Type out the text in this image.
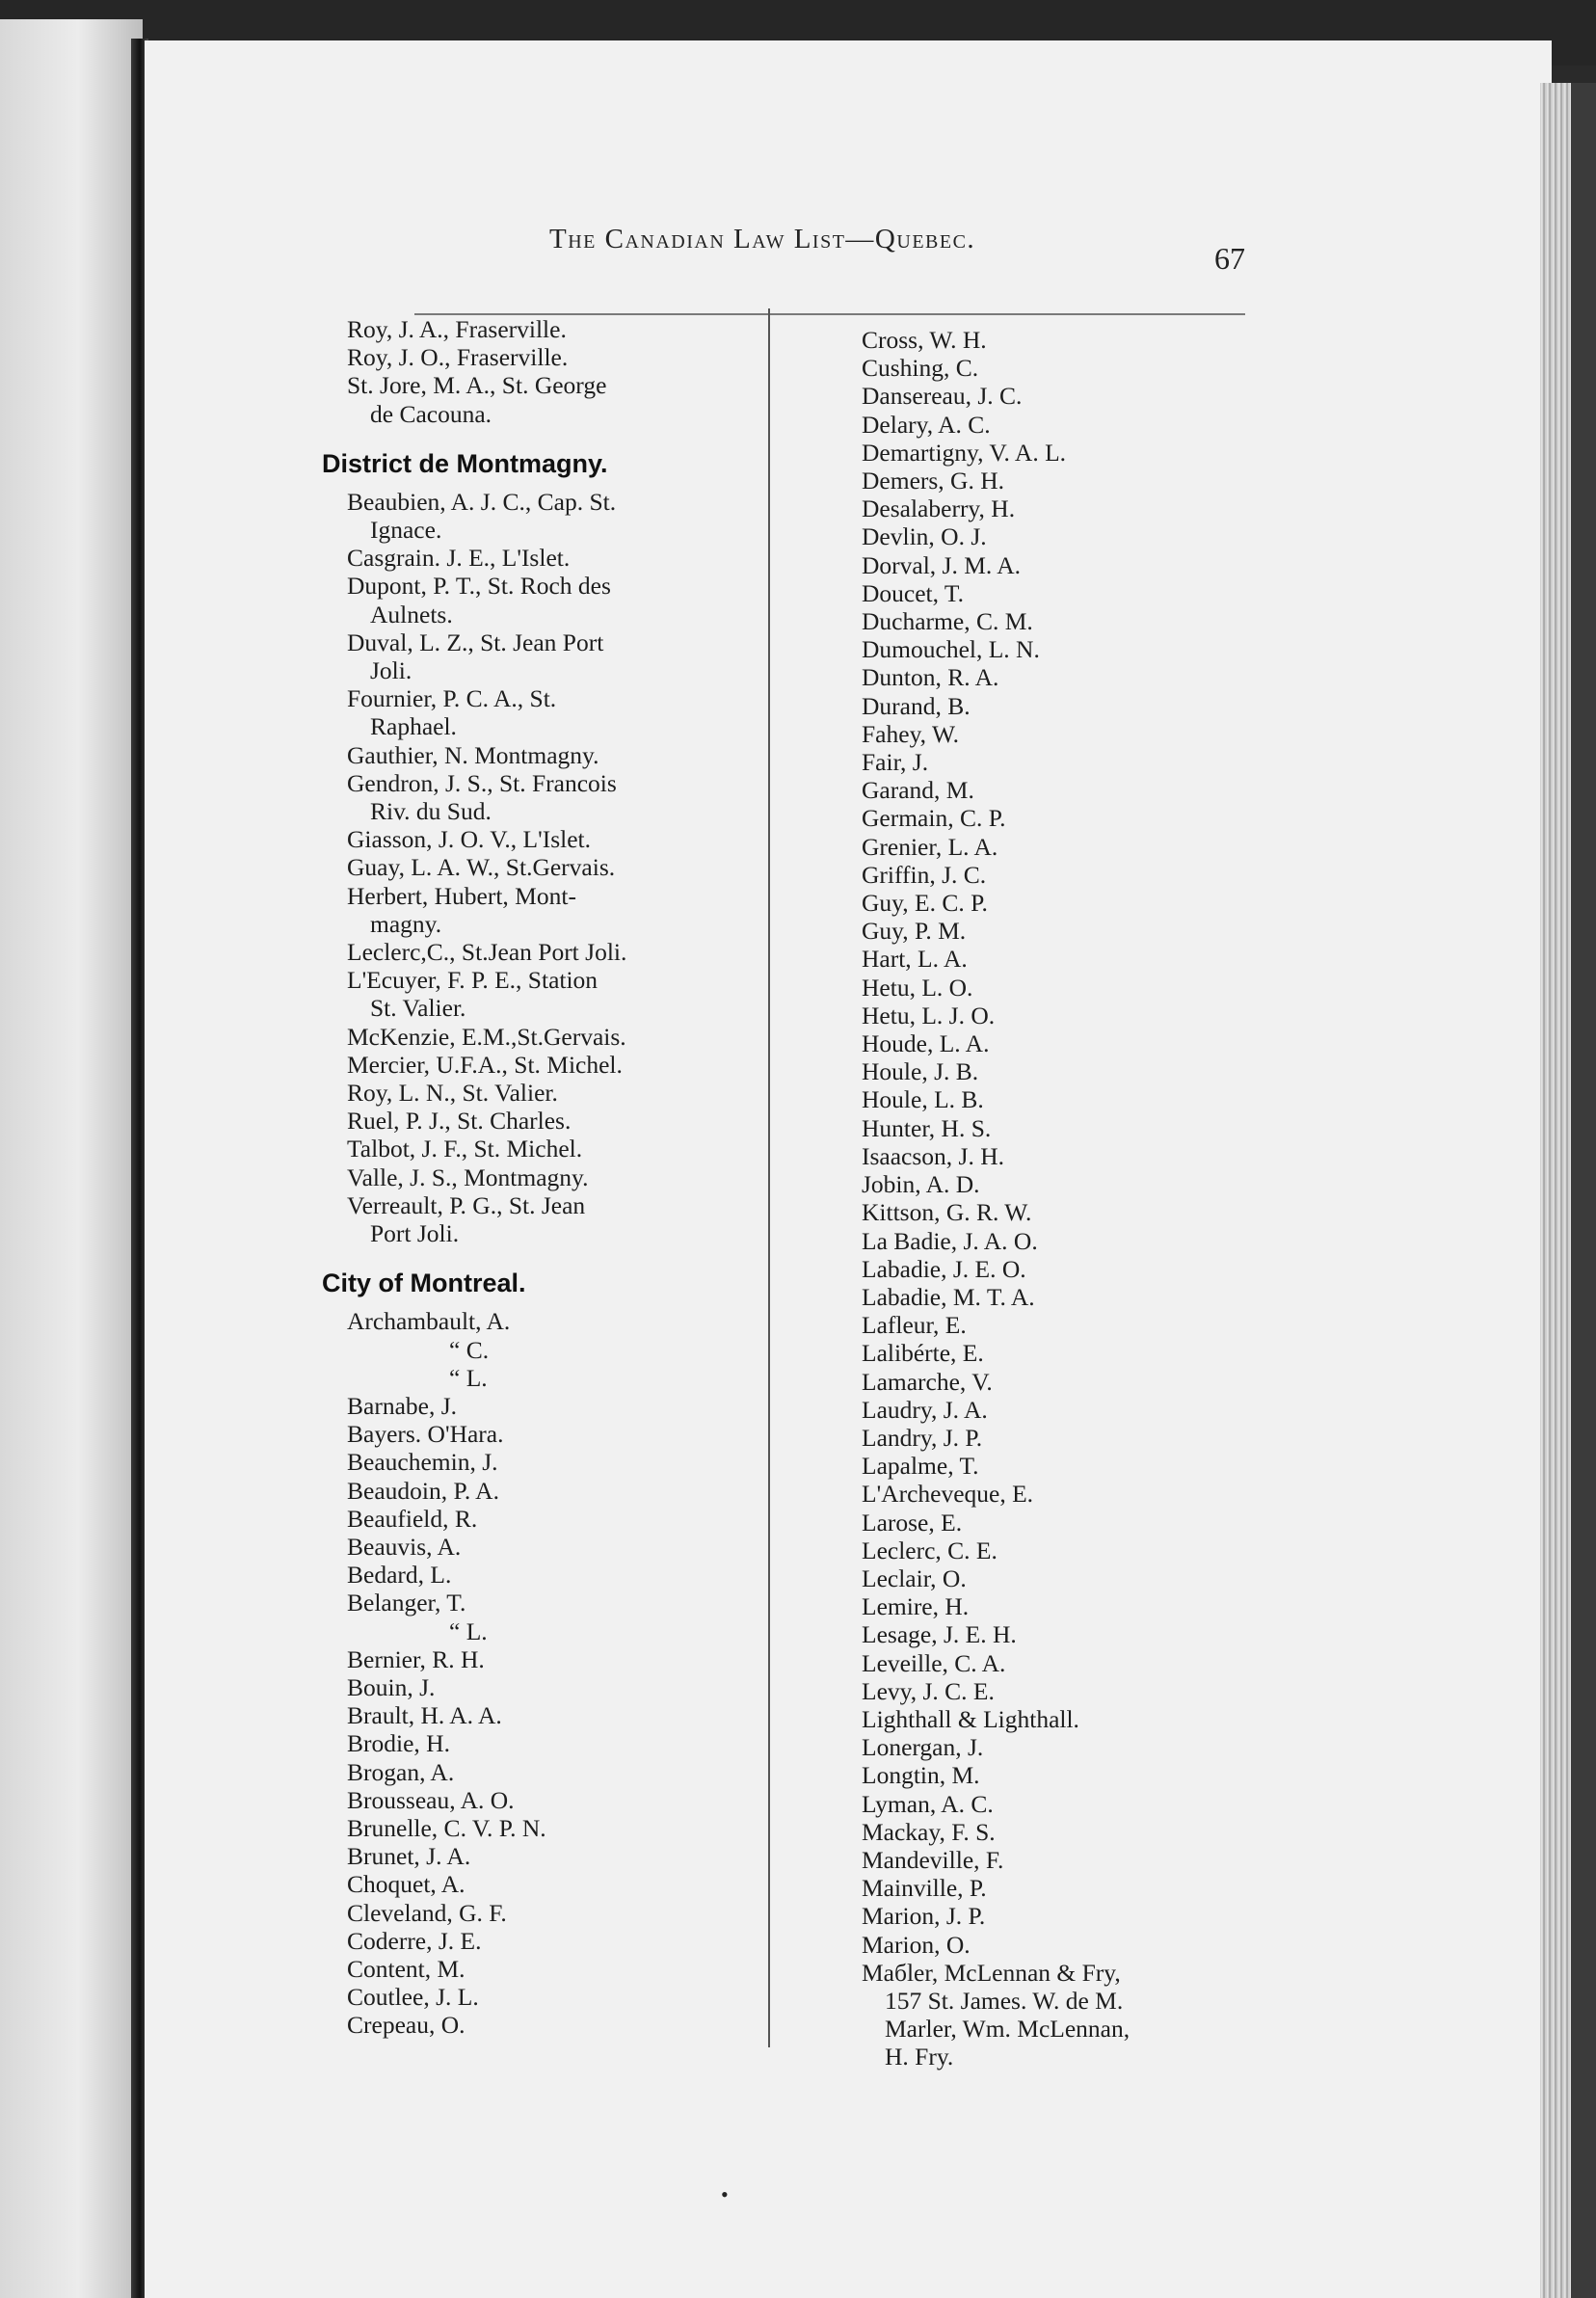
The Canadian Law List—Quebec.
67
Roy, J. A., Fraserville.
Roy, J. O., Fraserville.
St. Jore, M. A., St. George
de Cacouna.
District de Montmagny.
Beaubien, A. J. C., Cap. St.
Ignace.
Casgrain. J. E., L'Islet.
Dupont, P. T., St. Roch des
Aulnets.
Duval, L. Z., St. Jean Port
Joli.
Fournier, P. C. A., St.
Raphael.
Gauthier, N. Montmagny.
Gendron, J. S., St. Francois
Riv. du Sud.
Giasson, J. O. V., L'Islet.
Guay, L. A. W., St.Gervais.
Herbert, Hubert, Mont-
magny.
Leclerc,C., St.Jean Port Joli.
L'Ecuyer, F. P. E., Station
St. Valier.
McKenzie, E.M.,St.Gervais.
Mercier, U.F.A., St. Michel.
Roy, L. N., St. Valier.
Ruel, P. J., St. Charles.
Talbot, J. F., St. Michel.
Valle, J. S., Montmagny.
Verreault, P. G., St. Jean
Port Joli.
City of Montreal.
Archambault, A.
“ C.
“ L.
Barnabe, J.
Bayers. O'Hara.
Beauchemin, J.
Beaudoin, P. A.
Beaufield, R.
Beauvis, A.
Bedard, L.
Belanger, T.
“ L.
Bernier, R. H.
Bouin, J.
Brault, H. A. A.
Brodie, H.
Brogan, A.
Brousseau, A. O.
Brunelle, C. V. P. N.
Brunet, J. A.
Choquet, A.
Cleveland, G. F.
Coderre, J. E.
Content, M.
Coutlee, J. L.
Crepeau, O.
Cross, W. H.
Cushing, C.
Dansereau, J. C.
Delary, A. C.
Demartigny, V. A. L.
Demers, G. H.
Desalaberry, H.
Devlin, O. J.
Dorval, J. M. A.
Doucet, T.
Ducharme, C. M.
Dumouchel, L. N.
Dunton, R. A.
Durand, B.
Fahey, W.
Fair, J.
Garand, M.
Germain, C. P.
Grenier, L. A.
Griffin, J. C.
Guy, E. C. P.
Guy, P. M.
Hart, L. A.
Hetu, L. O.
Hetu, L. J. O.
Houde, L. A.
Houle, J. B.
Houle, L. B.
Hunter, H. S.
Isaacson, J. H.
Jobin, A. D.
Kittson, G. R. W.
La Badie, J. A. O.
Labadie, J. E. O.
Labadie, M. T. A.
Lafleur, E.
Lalibérte, E.
Lamarche, V.
Laudry, J. A.
Landry, J. P.
Lapalme, T.
L'Archeveque, E.
Larose, E.
Leclerc, C. E.
Leclair, O.
Lemire, H.
Lesage, J. E. H.
Leveille, C. A.
Levy, J. C. E.
Lighthall & Lighthall.
Lonergan, J.
Longtin, M.
Lyman, A. C.
Mackay, F. S.
Mandeville, F.
Mainville, P.
Marion, J. P.
Marion, O.
Maбler, McLennan & Fry,
157 St. James. W. de M.
Marler, Wm. McLennan,
H. Fry.
•
